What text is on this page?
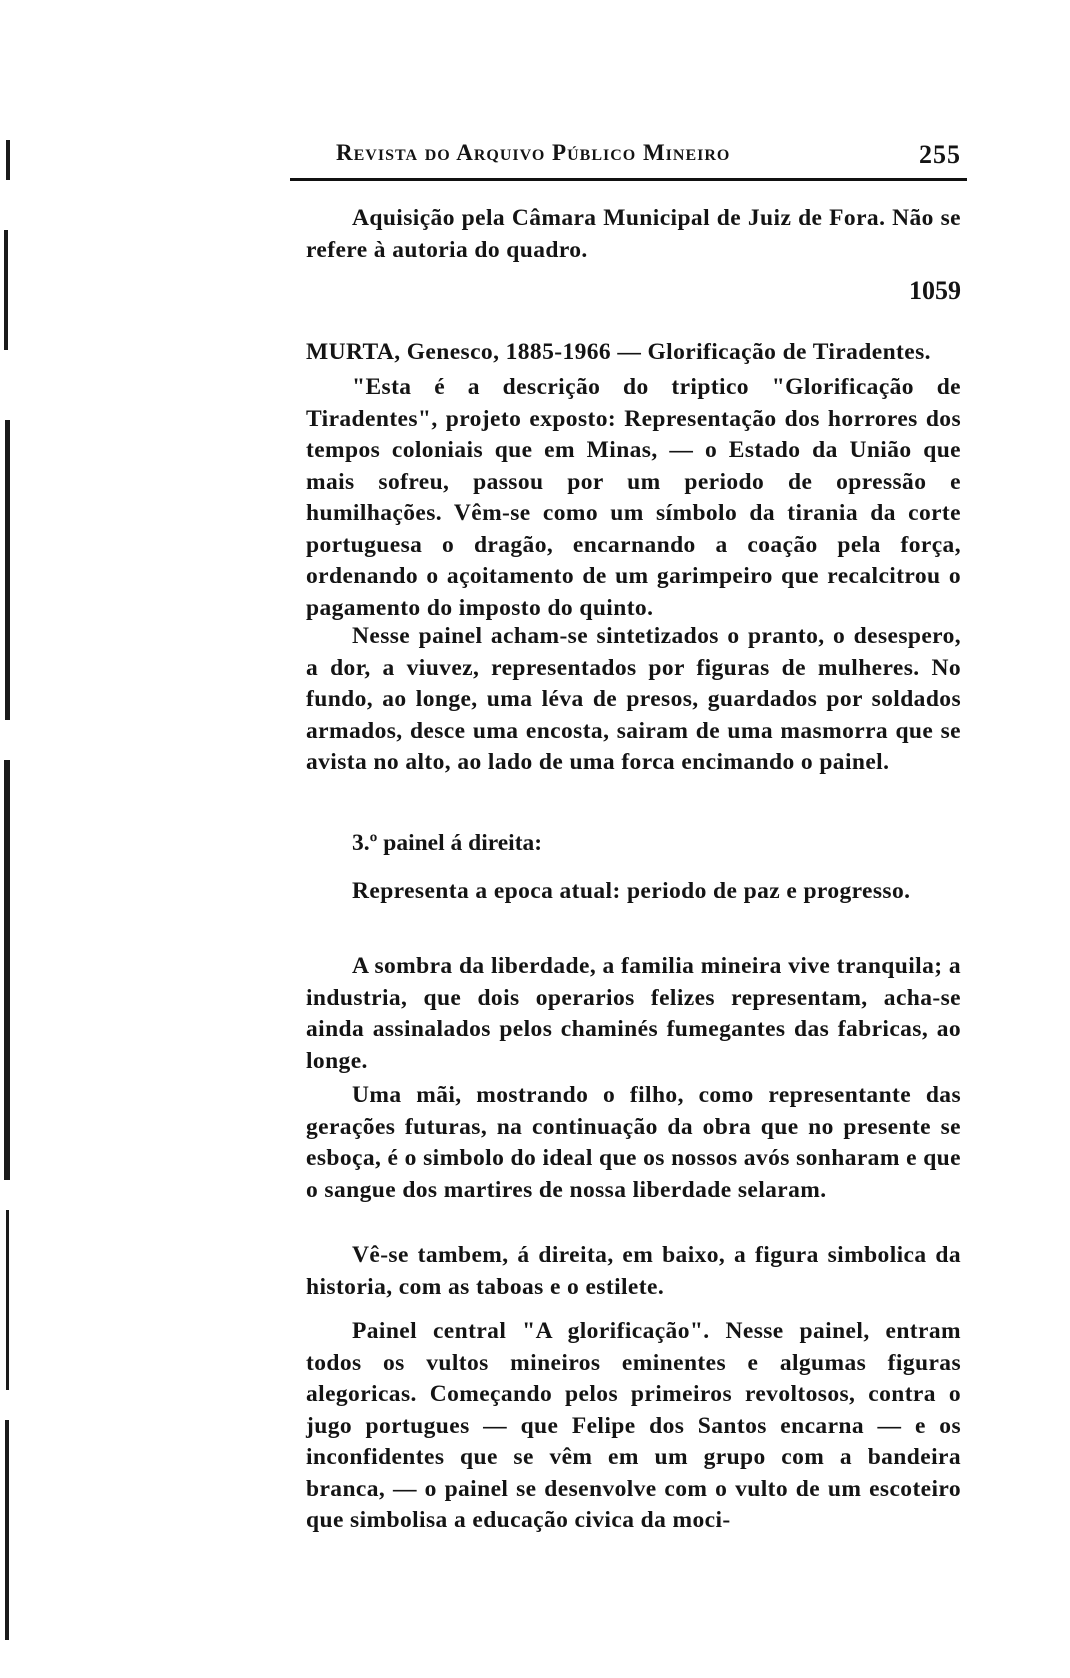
Revista do Arquivo Público Mineiro	255

Aquisição pela Câmara Municipal de Juiz de Fora. Não se refere à autoria do quadro.

1059
MURTA, Genesco, 1885-1966 — Glorificação de Tiradentes.

"Esta é a descrição do triptico "Glorificação de Tiradentes", projeto exposto: Representação dos horrores dos tempos coloniais que em Minas, — o Estado da União que mais sofreu, passou por um periodo de opressão e humilhações. Vêm-se como um símbolo da tirania da corte portuguesa o dragão, encarnando a coação pela força, ordenando o açoitamento de um garimpeiro que recalcitrou o pagamento do imposto do quinto.

Nesse painel acham-se sintetizados o pranto, o desespero, a dor, a viuvez, representados por figuras de mulheres. No fundo, ao longe, uma léva de presos, guardados por soldados armados, desce uma encosta, sairam de uma masmorra que se avista no alto, ao lado de uma forca encimando o painel.

3.º painel á direita:

Representa a epoca atual: periodo de paz e progresso.

A sombra da liberdade, a familia mineira vive tranquila; a industria, que dois operarios felizes representam, acha-se ainda assinalados pelos chaminés fumegantes das fabricas, ao longe.

Uma mãi, mostrando o filho, como representante das gerações futuras, na continuação da obra que no presente se esboça, é o simbolo do ideal que os nossos avós sonharam e que o sangue dos martires de nossa liberdade selaram.

Vê-se tambem, á direita, em baixo, a figura simbolica da historia, com as taboas e o estilete.

Painel central "A glorificação". Nesse painel, entram todos os vultos mineiros eminentes e algumas figuras alegoricas. Começando pelos primeiros revoltosos, contra o jugo portugues — que Felipe dos Santos encarna — e os inconfidentes que se vêm em um grupo com a bandeira branca, — o painel se desenvolve com o vulto de um escoteiro que simbolisa a educação civica da moci-
